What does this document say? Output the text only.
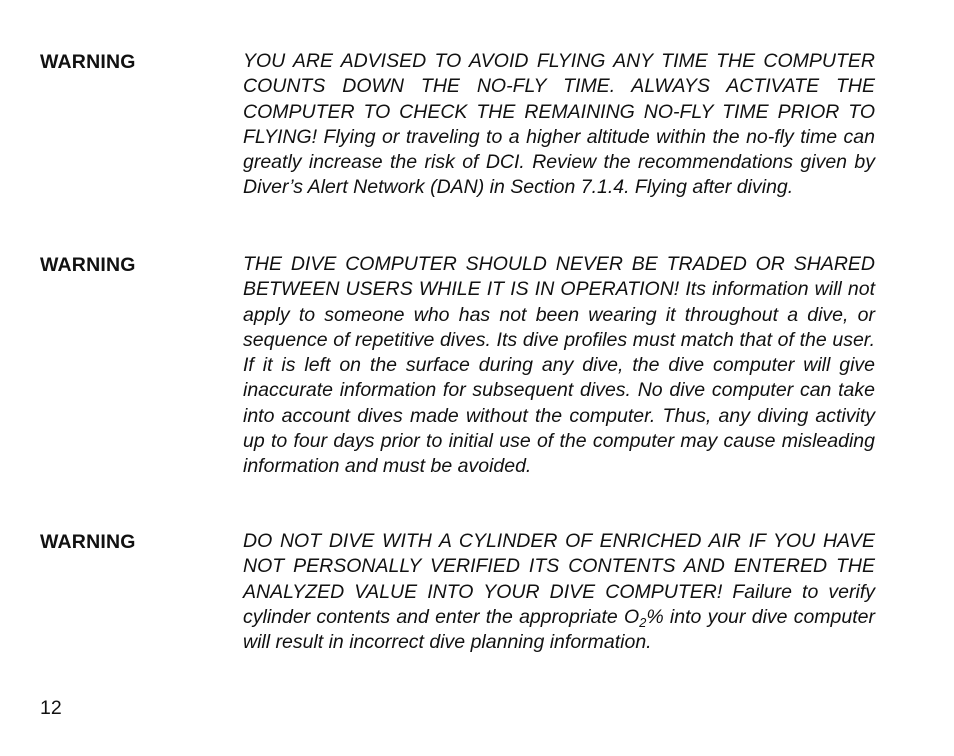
WARNING	YOU ARE ADVISED TO AVOID FLYING ANY TIME THE COMPUTER COUNTS DOWN THE NO-FLY TIME. ALWAYS ACTIVATE THE COMPUTER TO CHECK THE REMAINING NO-FLY TIME PRIOR TO FLYING! Flying or traveling to a higher altitude within the no-fly time can greatly increase the risk of DCI. Review the recommendations given by Diver’s Alert Network (DAN) in Section 7.1.4. Flying after diving.

WARNING	THE DIVE COMPUTER SHOULD NEVER BE TRADED OR SHARED BETWEEN USERS WHILE IT IS IN OPERATION! Its information will not apply to someone who has not been wearing it throughout a dive, or sequence of repetitive dives. Its dive profiles must match that of the user. If it is left on the surface during any dive, the dive computer will give inaccurate information for subsequent dives. No dive computer can take into account dives made without the computer. Thus, any diving activity up to four days prior to initial use of the computer may cause misleading information and must be avoided.

WARNING	DO NOT DIVE WITH A CYLINDER OF ENRICHED AIR IF YOU HAVE NOT PERSONALLY VERIFIED ITS CONTENTS AND ENTERED THE ANALYZED VALUE INTO YOUR DIVE COMPUTER! Failure to verify cylinder contents and enter the appropriate $O_2\%$ into your dive computer will result in incorrect dive planning information.

12
